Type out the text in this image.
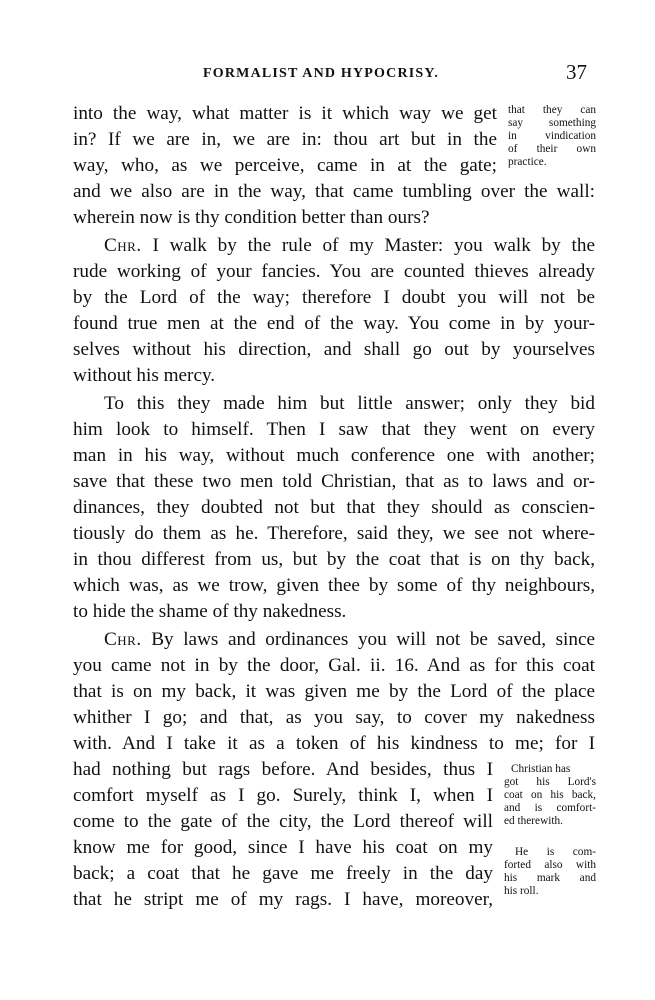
FORMALIST AND HYPOCRISY.	37

into the way, what matter is it which way we get

in? If we are in, we are in: thou art but in the

way, who, as we perceive, came in at the gate;

and we also are in the way, that came tumbling over the wall:

wherein now is thy condition better than ours?

Chr. I walk by the rule of my Master: you walk by the

rude working of your fancies. You are counted thieves already

by the Lord of the way; therefore I doubt you will not be

found true men at the end of the way. You come in by your-

selves without his direction, and shall go out by yourselves

without his mercy.

To this they made him but little answer; only they bid

him look to himself. Then I saw that they went on every

man in his way, without much conference one with another;

save that these two men told Christian, that as to laws and or-

dinances, they doubted not but that they should as conscien-

tiously do them as he. Therefore, said they, we see not where-

in thou differest from us, but by the coat that is on thy back,

which was, as we trow, given thee by some of thy neighbours,

to hide the shame of thy nakedness.

Chr. By laws and ordinances you will not be saved, since

you came not in by the door, Gal. ii. 16. And as for this coat

that is on my back, it was given me by the Lord of the place

whither I go; and that, as you say, to cover my nakedness

with. And I take it as a token of his kindness to me; for I

had nothing but rags before. And besides, thus I

comfort myself as I go. Surely, think I, when I

come to the gate of the city, the Lord thereof will

know me for good, since I have his coat on my

back; a coat that he gave me freely in the day

that he stript me of my rags. I have, moreover,

that they can

say something

in vindication

of their own

practice.

Christian has

got his Lord's

coat on his back,

and is comfort-

ed therewith.

He is com-

forted also with

his mark and

his roll.
